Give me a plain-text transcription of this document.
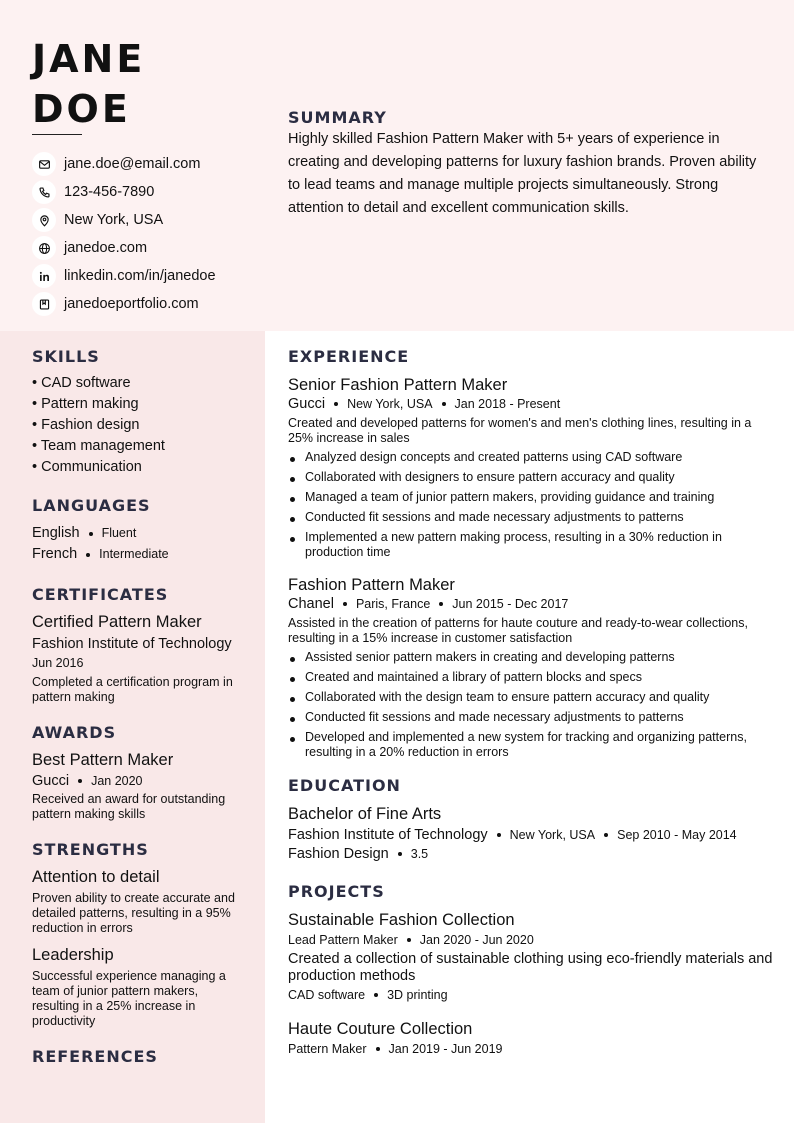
JANE
DOE
jane.doe@email.com
123-456-7890
New York, USA
janedoe.com
linkedin.com/in/janedoe
janedoeportfolio.com
SUMMARY

Highly skilled Fashion Pattern Maker with 5+ years of experience in creating and developing patterns for luxury fashion brands. Proven ability to lead teams and manage multiple projects simultaneously. Strong attention to detail and excellent communication skills.

SKILLS
• CAD software
• Pattern making
• Fashion design
• Team management
• Communication
LANGUAGES
English Fluent
French Intermediate
CERTIFICATES
Certified Pattern Maker
Fashion Institute of Technology
Jun 2016
Completed a certification program in pattern making
AWARDS
Best Pattern Maker
Gucci Jan 2020
Received an award for outstanding pattern making skills
STRENGTHS
Attention to detail
Proven ability to create accurate and detailed patterns, resulting in a 95% reduction in errors
Leadership
Successful experience managing a team of junior pattern makers, resulting in a 25% increase in productivity
REFERENCES
EXPERIENCE
Senior Fashion Pattern Maker
Gucci New York, USA Jan 2018 - Present
Created and developed patterns for women's and men's clothing lines, resulting in a 25% increase in sales
Analyzed design concepts and created patterns using CAD software
Collaborated with designers to ensure pattern accuracy and quality
Managed a team of junior pattern makers, providing guidance and training
Conducted fit sessions and made necessary adjustments to patterns
Implemented a new pattern making process, resulting in a 30% reduction in production time
Fashion Pattern Maker
Chanel Paris, France Jun 2015 - Dec 2017
Assisted in the creation of patterns for haute couture and ready-to-wear collections, resulting in a 15% increase in customer satisfaction
Assisted senior pattern makers in creating and developing patterns
Created and maintained a library of pattern blocks and specs
Collaborated with the design team to ensure pattern accuracy and quality
Conducted fit sessions and made necessary adjustments to patterns
Developed and implemented a new system for tracking and organizing patterns, resulting in a 20% reduction in errors
EDUCATION
Bachelor of Fine Arts
Fashion Institute of Technology New York, USA Sep 2010 - May 2014
Fashion Design 3.5
PROJECTS
Sustainable Fashion Collection
Lead Pattern Maker Jan 2020 - Jun 2020
Created a collection of sustainable clothing using eco-friendly materials and production methods
CAD software 3D printing
Haute Couture Collection
Pattern Maker Jan 2019 - Jun 2019
